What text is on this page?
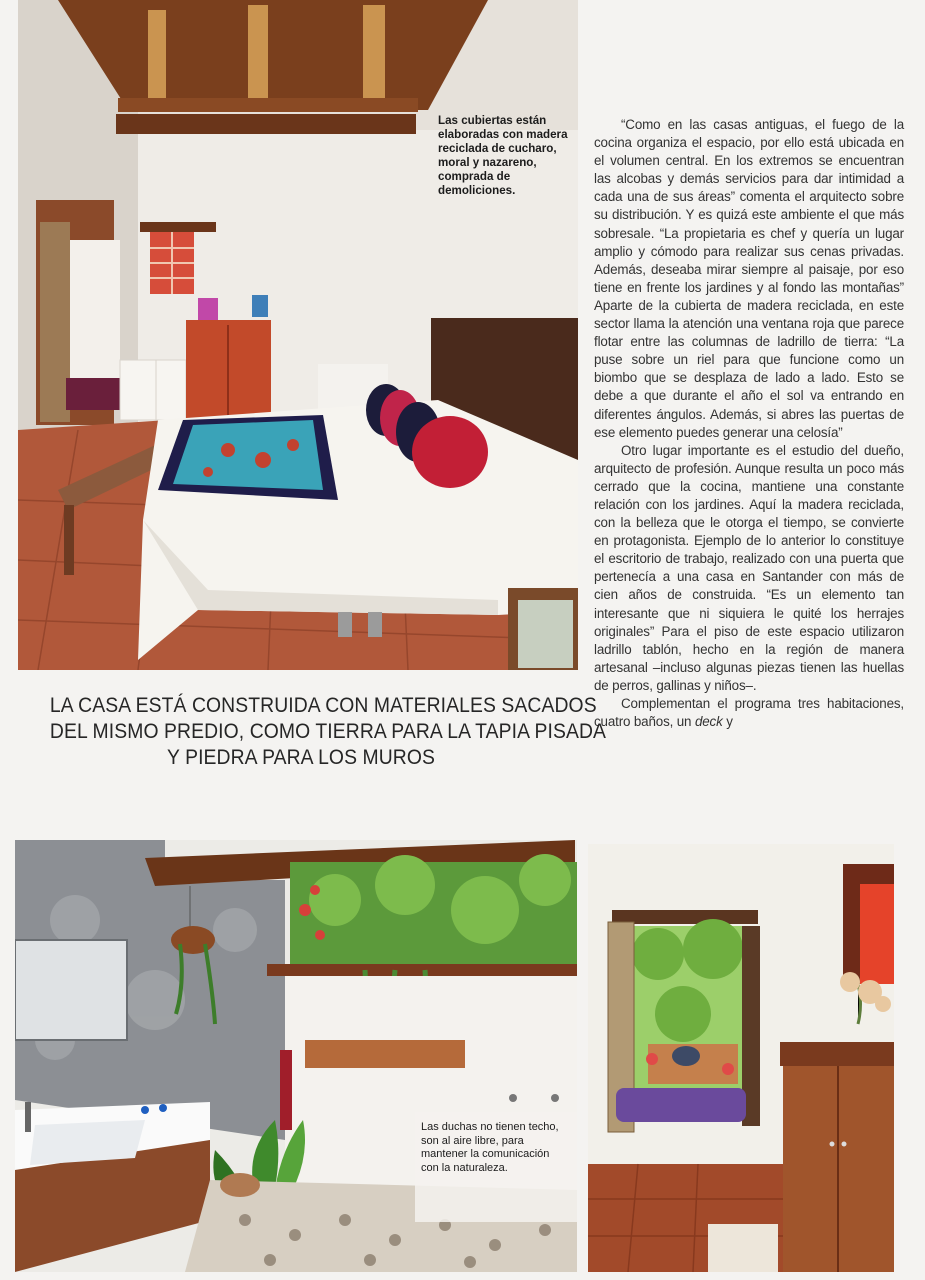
Las cubiertas están elaboradas con madera reciclada de cucharo, moral y nazareno, comprada de demoliciones.

“Como en las casas antiguas, el fuego de la cocina organiza el espacio, por ello está ubicada en el volumen central. En los extremos se encuentran las alcobas y demás servicios para dar intimidad a cada una de sus áreas” comenta el arquitecto sobre su distribución. Y es quizá este ambiente el que más sobresale. “La propietaria es chef y quería un lugar amplio y cómodo para realizar sus cenas privadas. Además, deseaba mirar siempre al paisaje, por eso tiene en frente los jardines y al fondo las montañas” Aparte de la cubierta de madera reciclada, en este sector llama la atención una ventana roja que parece flotar entre las columnas de ladrillo de tierra: “La puse sobre un riel para que funcione como un biombo que se desplaza de lado a lado. Esto se debe a que durante el año el sol va entrando en diferentes ángulos. Además, si abres las puertas de ese elemento puedes generar una celosía”

Otro lugar importante es el estudio del dueño, arquitecto de profesión. Aunque resulta un poco más cerrado que la cocina, mantiene una constante relación con los jardines. Aquí la madera reciclada, con la belleza que le otorga el tiempo, se convierte en protagonista. Ejemplo de lo anterior lo constituye el escritorio de trabajo, realizado con una puerta que pertenecía a una casa en Santander con más de cien años de construida. “Es un elemento tan interesante que ni siquiera le quité los herrajes originales” Para el piso de este espacio utilizaron ladrillo tablón, hecho en la región de manera artesanal –incluso algunas piezas tienen las huellas de perros, gallinas y niños–.

Complementan el programa tres habitaciones, cuatro baños, un deck y

LA CASA ESTÁ CONSTRUIDA CON MATERIALES SACADOS
DEL MISMO PREDIO, COMO TIERRA PARA LA TAPIA PISADA
Y PIEDRA PARA LOS MUROS

Las duchas no tienen techo, son al aire libre, para mantener la comunicación con la naturaleza.
